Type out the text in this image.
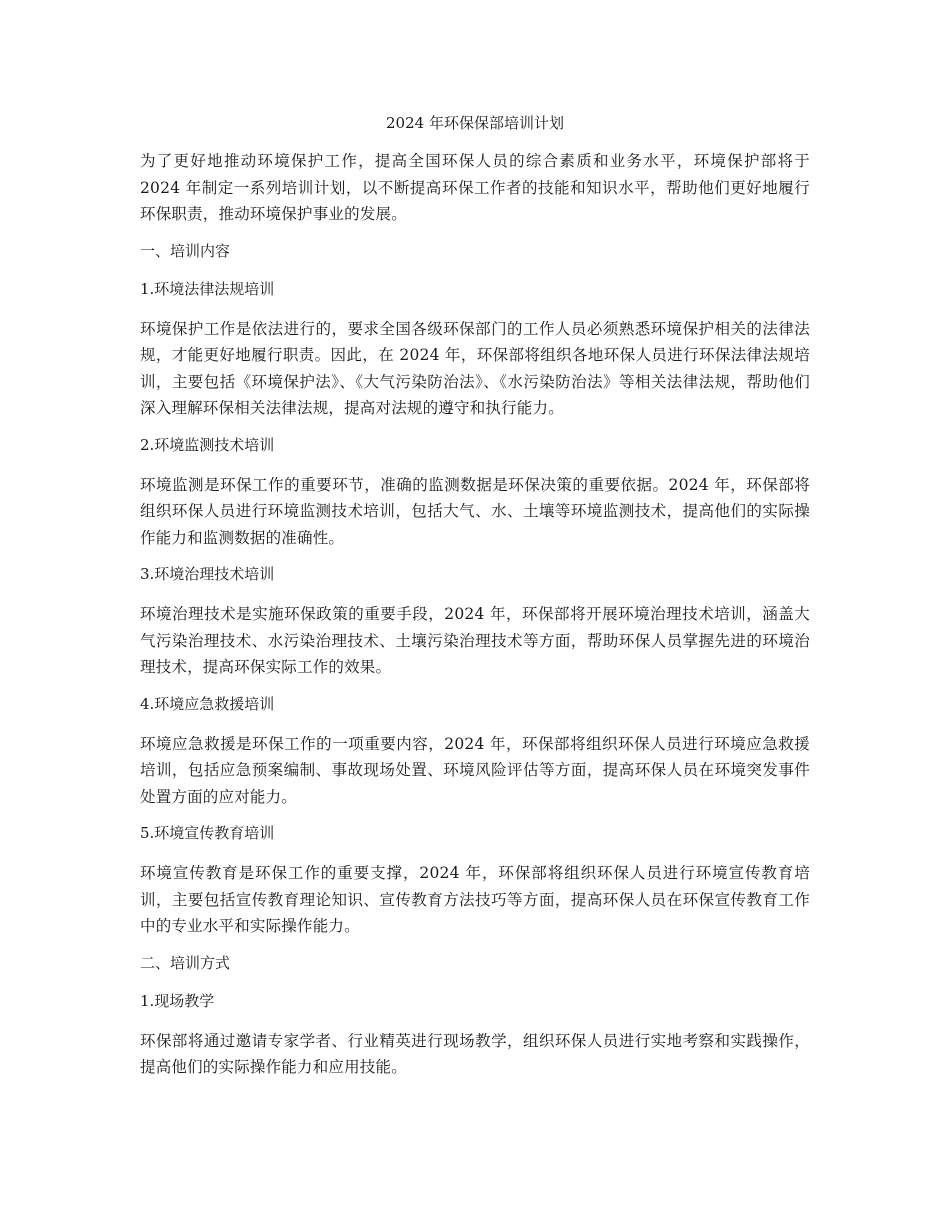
2024 年环保保部培训计划

为了更好地推动环境保护工作，提高全国环保人员的综合素质和业务水平，环境保护部将于 2024 年制定一系列培训计划，以不断提高环保工作者的技能和知识水平，帮助他们更好地履行环保职责，推动环境保护事业的发展。

一、培训内容
1.环境法律法规培训

环境保护工作是依法进行的，要求全国各级环保部门的工作人员必须熟悉环境保护相关的法律法规，才能更好地履行职责。因此，在 2024 年，环保部将组织各地环保人员进行环保法律法规培训，主要包括《环境保护法》、《大气污染防治法》、《水污染防治法》等相关法律法规，帮助他们深入理解环保相关法律法规，提高对法规的遵守和执行能力。

2.环境监测技术培训

环境监测是环保工作的重要环节，准确的监测数据是环保决策的重要依据。2024 年，环保部将组织环保人员进行环境监测技术培训，包括大气、水、土壤等环境监测技术，提高他们的实际操作能力和监测数据的准确性。

3.环境治理技术培训

环境治理技术是实施环保政策的重要手段，2024 年，环保部将开展环境治理技术培训，涵盖大气污染治理技术、水污染治理技术、土壤污染治理技术等方面，帮助环保人员掌握先进的环境治理技术，提高环保实际工作的效果。

4.环境应急救援培训

环境应急救援是环保工作的一项重要内容，2024 年，环保部将组织环保人员进行环境应急救援培训，包括应急预案编制、事故现场处置、环境风险评估等方面，提高环保人员在环境突发事件处置方面的应对能力。

5.环境宣传教育培训

环境宣传教育是环保工作的重要支撑，2024 年，环保部将组织环保人员进行环境宣传教育培训，主要包括宣传教育理论知识、宣传教育方法技巧等方面，提高环保人员在环保宣传教育工作中的专业水平和实际操作能力。

二、培训方式
1.现场教学

环保部将通过邀请专家学者、行业精英进行现场教学，组织环保人员进行实地考察和实践操作，提高他们的实际操作能力和应用技能。
